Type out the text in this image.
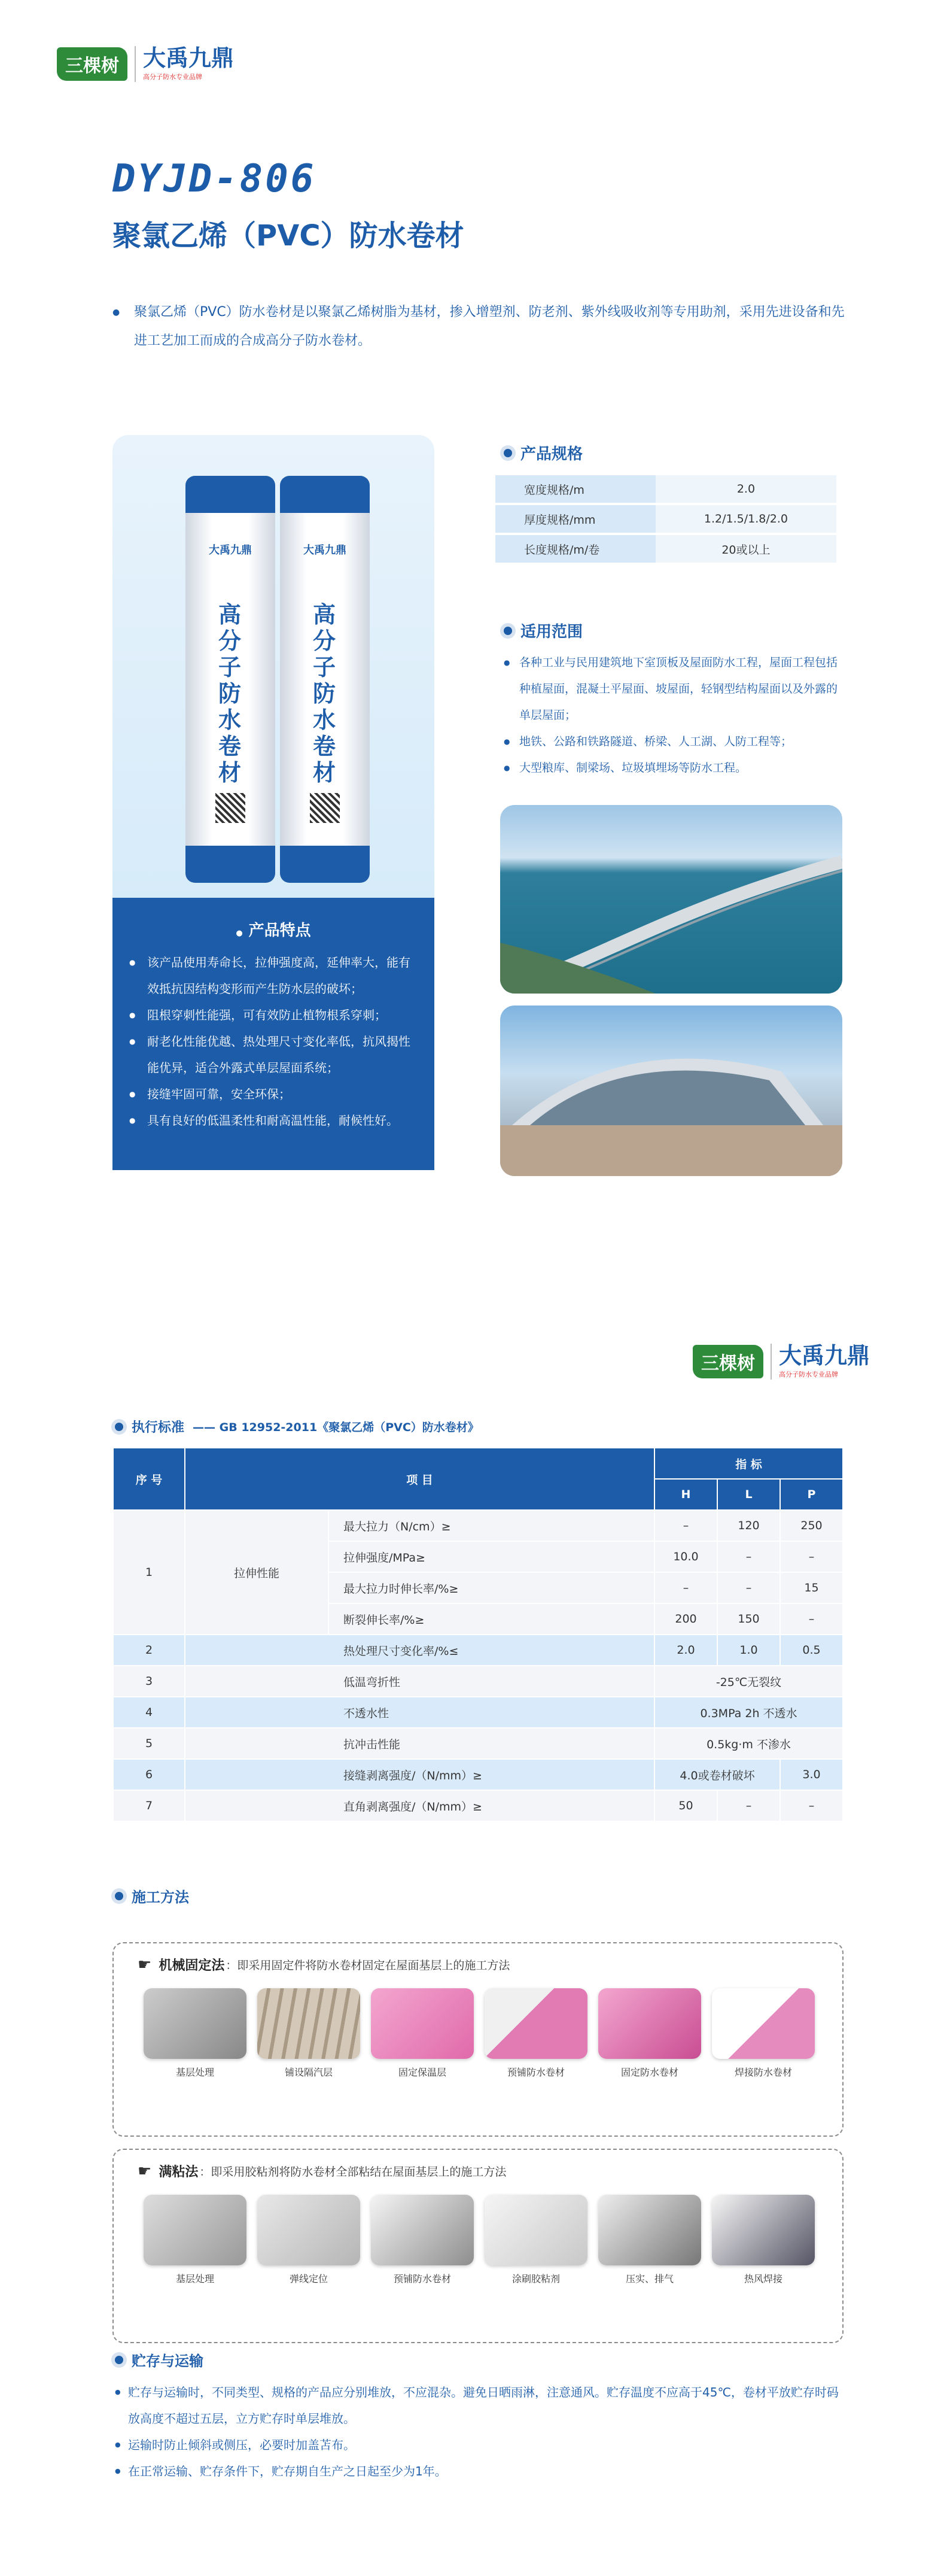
三棵树	大禹九鼎
高分子防水专业品牌
DYJD-806
聚氯乙烯（PVC）防水卷材
● 聚氯乙烯（PVC）防水卷材是以聚氯乙烯树脂为基材，掺入增塑剂、防老剂、紫外线吸收剂等专用助剂，采用先进设备和先进工艺加工而成的合成高分子防水卷材。
大禹九鼎
高分子防水卷材
大禹九鼎
高分子防水卷材
● 产品特点
● 该产品使用寿命长，拉伸强度高，延伸率大，能有效抵抗因结构变形而产生防水层的破坏；
● 阻根穿刺性能强，可有效防止植物根系穿刺；
● 耐老化性能优越、热处理尺寸变化率低，抗风揭性能优异，适合外露式单层屋面系统；
● 接缝牢固可靠，安全环保；
● 具有良好的低温柔性和耐高温性能，耐候性好。
产品规格
宽度规格/m	2.0
厚度规格/mm	1.2/1.5/1.8/2.0
长度规格/m/卷	20或以上
适用范围
● 各种工业与民用建筑地下室顶板及屋面防水工程，屋面工程包括种植屋面，混凝土平屋面、坡屋面，轻钢型结构屋面以及外露的单层屋面；
● 地铁、公路和铁路隧道、桥梁、人工湖、人防工程等；
● 大型粮库、制梁场、垃圾填埋场等防水工程。
三棵树	大禹九鼎
高分子防水专业品牌
执行标准 —— GB 12952-2011《聚氯乙烯（PVC）防水卷材》
序 号	项 目		指 标		
			H	L	P
1	拉伸性能	最大拉力（N/cm）≥	–	120	250
		拉伸强度/MPa≥	10.0	–	–
		最大拉力时伸长率/%≥	–	–	15
		断裂伸长率/%≥	200	150	–
2	热处理尺寸变化率/%≤		2.0	1.0	0.5
3	低温弯折性		-25℃无裂纹		
4	不透水性		0.3MPa 2h 不透水		
5	抗冲击性能		0.5kg·m 不渗水		
6	接缝剥离强度/（N/mm）≥		4.0或卷材破坏		3.0
7	直角剥离强度/（N/mm）≥		50	–	–
施工方法
☛ 机械固定法 ：即采用固定件将防水卷材固定在屋面基层上的施工方法
基层处理	铺设隔汽层	固定保温层	预铺防水卷材	固定防水卷材	焊接防水卷材
☛ 满粘法 ：即采用胶粘剂将防水卷材全部粘结在屋面基层上的施工方法
基层处理	弹线定位	预铺防水卷材	涂刷胶粘剂	压实、排气	热风焊接
贮存与运输
● 贮存与运输时，不同类型、规格的产品应分别堆放，不应混杂。避免日晒雨淋，注意通风。贮存温度不应高于45℃，卷材平放贮存时码放高度不超过五层，立方贮存时单层堆放。
● 运输时防止倾斜或侧压，必要时加盖苫布。
● 在正常运输、贮存条件下，贮存期自生产之日起至少为1年。
